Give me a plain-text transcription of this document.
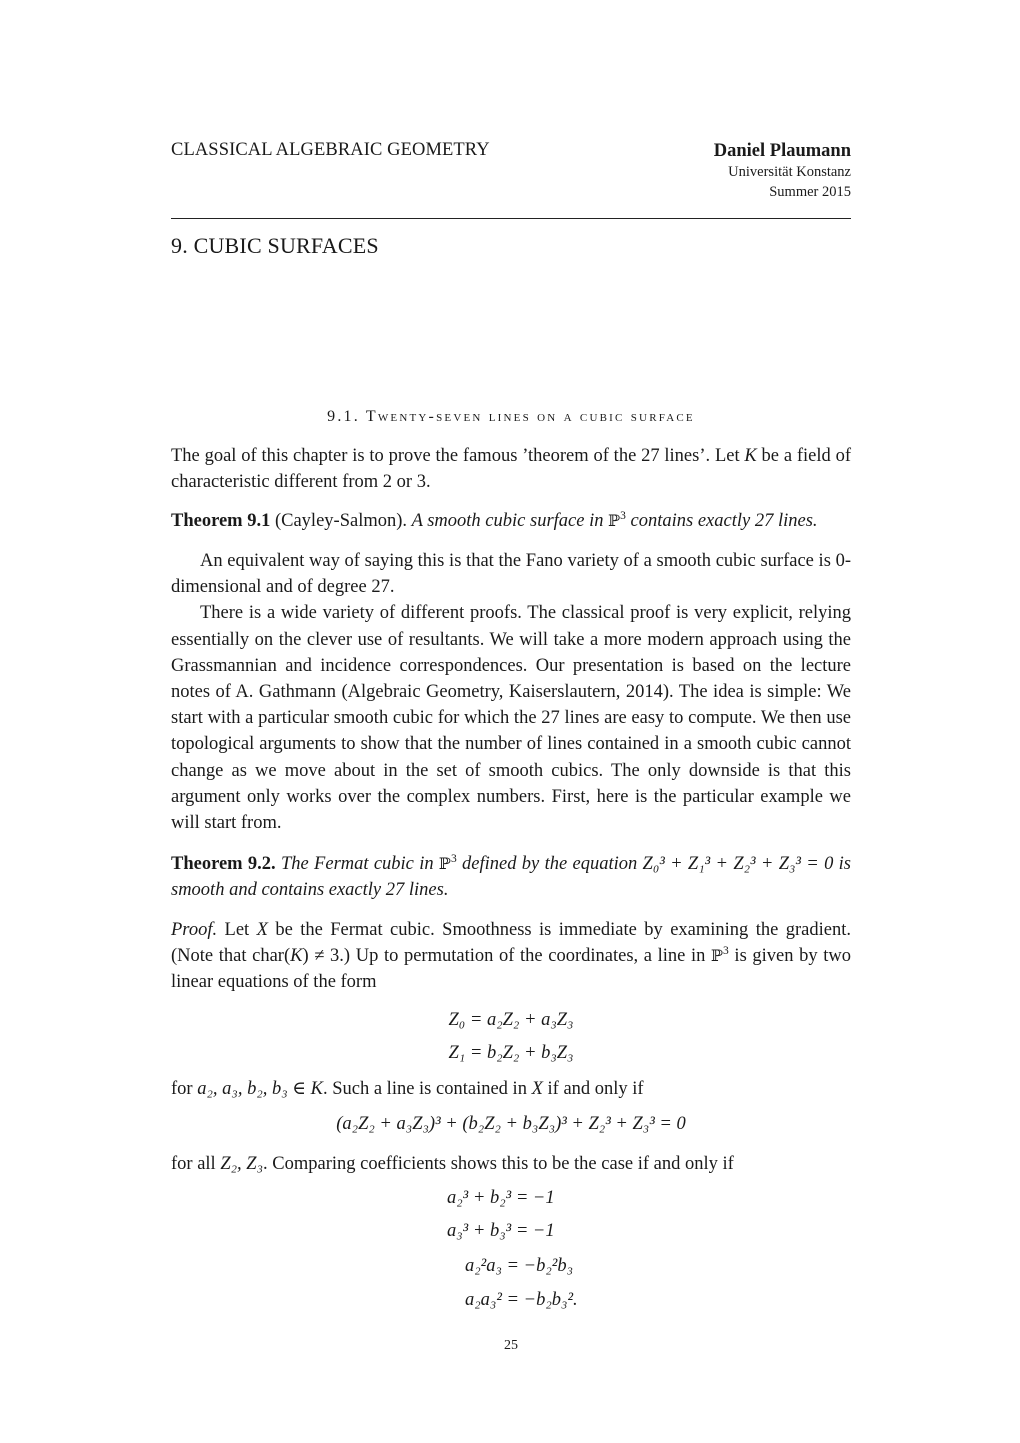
CLASSICAL ALGEBRAIC GEOMETRY	Daniel Plaumann
Universität Konstanz
Summer 2015
9. CUBIC SURFACES
9.1. Twenty-seven lines on a cubic surface

The goal of this chapter is to prove the famous ’theorem of the 27 lines’. Let K be a field of characteristic different from 2 or 3.

Theorem 9.1 (Cayley-Salmon). A smooth cubic surface in ℙ$^3$ contains exactly 27 lines.

An equivalent way of saying this is that the Fano variety of a smooth cubic surface is 0-dimensional and of degree 27.

There is a wide variety of different proofs. The classical proof is very explicit, relying essentially on the clever use of resultants. We will take a more modern approach using the Grassmannian and incidence correspondences. Our presentation is based on the lecture notes of A. Gathmann (Algebraic Geometry, Kaiserslautern, 2014). The idea is simple: We start with a particular smooth cubic for which the 27 lines are easy to compute. We then use topological arguments to show that the number of lines contained in a smooth cubic cannot change as we move about in the set of smooth cubics. The only downside is that this argument only works over the complex numbers. First, here is the particular example we will start from.

Theorem 9.2. The Fermat cubic in ℙ$^3$ defined by the equation Z₀³ + Z₁³ + Z₂³ + Z₃³ = 0 is smooth and contains exactly 27 lines.

Proof. Let X be the Fermat cubic. Smoothness is immediate by examining the gradient. (Note that char(K) ≠ 3.) Up to permutation of the coordinates, a line in ℙ$^3$ is given by two linear equations of the form

Z₀ = a₂Z₂ + a₃Z₃
Z₁ = b₂Z₂ + b₃Z₃

for a₂, a₃, b₂, b₃ ∈ K. Such a line is contained in X if and only if

(a₂Z₂ + a₃Z₃)³ + (b₂Z₂ + b₃Z₃)³ + Z₂³ + Z₃³ = 0

for all Z₂, Z₃. Comparing coefficients shows this to be the case if and only if

a₂³ + b₂³ = −1
a₃³ + b₃³ = −1
a₂²a₃ = −b₂²b₃
a₂a₃² = −b₂b₃².
25
